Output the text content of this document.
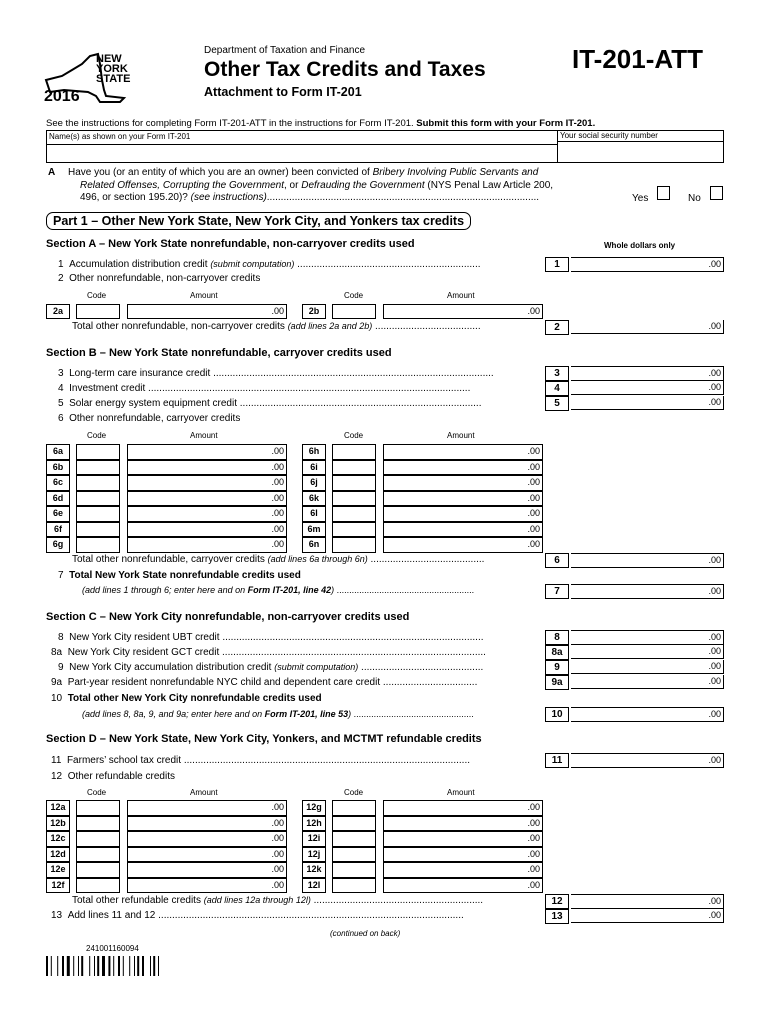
NEW
YORK
STATE
2016
Department of Taxation and Finance
Other Tax Credits and Taxes
Attachment to Form IT-201
IT-201-ATT
See the instructions for completing Form IT-201-ATT in the instructions for Form IT-201. Submit this form with your Form IT-201.
Name(s) as shown on your Form IT-201	Your social security number
A Have you (or an entity of which you are an owner) been convicted of Bribery Involving Public Servants and
Related Offenses, Corrupting the Government, or Defrauding the Government (NYS Penal Law Article 200,
496, or section 195.20)? (see instructions)..................................................................................................	Yes	No
Part 1 – Other New York State, New York City, and Yonkers tax credits
Section A – New York State nonrefundable, non-carryover credits used	Whole dollars only
1 Accumulation distribution credit (submit computation) ..................................................................	1	.00
2 Other nonrefundable, non-carryover credits
Code	Amount	Code	Amount
2a	.00	2b	.00
Total other nonrefundable, non-carryover credits (add lines 2a and 2b) ......................................	2	.00
Section B – New York State nonrefundable, carryover credits used
3 Long-term care insurance credit .....................................................................................................	3	.00
4 Investment credit ....................................................................................................................	4	.00
5 Solar energy system equipment credit .......................................................................................	5	.00
6 Other nonrefundable, carryover credits
Code	Amount	Code	Amount
6a	.00	6h	.00
6b	.00	6i	.00
6c	.00	6j	.00
6d	.00	6k	.00
6e	.00	6l	.00
6f	.00	6m	.00
6g	.00	6n	.00
Total other nonrefundable, carryover credits (add lines 6a through 6n) .........................................	6	.00
7 Total New York State nonrefundable credits used
(add lines 1 through 6; enter here and on Form IT-201, line 42) .......................................................	7	.00
Section C – New York City nonrefundable, non-carryover credits used
8 New York City resident UBT credit ..............................................................................................	8	.00
8a New York City resident GCT credit ...............................................................................................	8a	.00
9 New York City accumulation distribution credit (submit computation) ............................................	9	.00
9a Part-year resident nonrefundable NYC child and dependent care credit ..................................	9a	.00
10 Total other New York City nonrefundable credits used
(add lines 8, 8a, 9, and 9a; enter here and on Form IT-201, line 53) ................................................	10	.00
Section D – New York State, New York City, Yonkers, and MCTMT refundable credits
11 Farmers’ school tax credit .......................................................................................................	11	.00
12 Other refundable credits
Code	Amount	Code	Amount
12a	.00	12g	.00
12b	.00	12h	.00
12c	.00	12i	.00
12d	.00	12j	.00
12e	.00	12k	.00
12f	.00	12l	.00
Total other refundable credits (add lines 12a through 12l) .............................................................	12	.00
13 Add lines 11 and 12 ..............................................................................................................	13	.00
(continued on back)
241001160094
